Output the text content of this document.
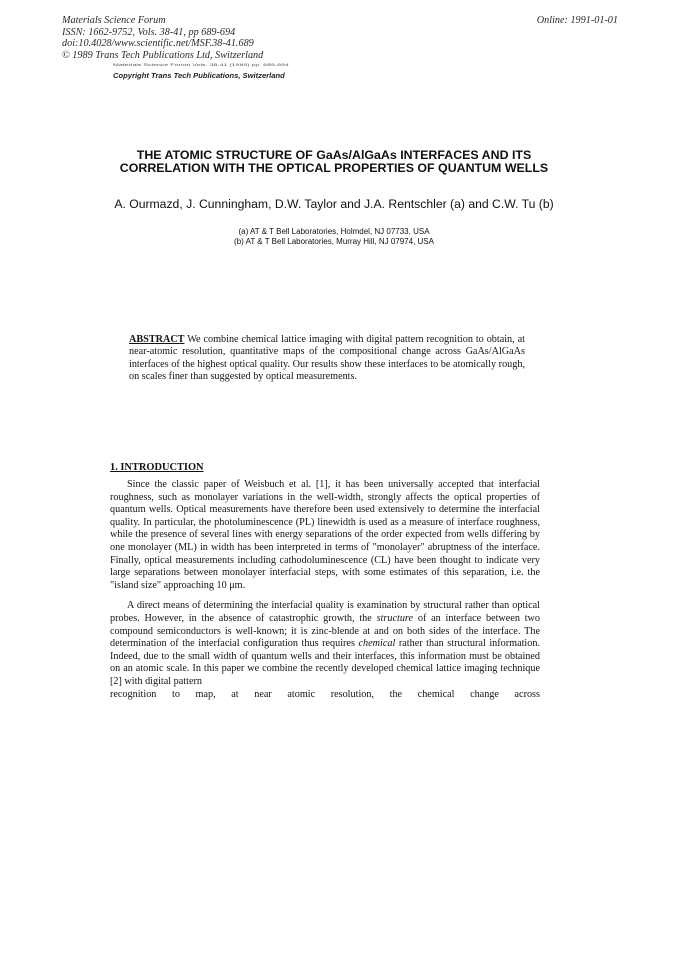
Materials Science Forum
ISSN: 1662-9752, Vols. 38-41, pp 689-694
doi:10.4028/www.scientific.net/MSF.38-41.689
© 1989 Trans Tech Publications Ltd, Switzerland
Online: 1991-01-01
Materials Science Forum Vols. 38-41 (1989) pp. 689-694
Copyright Trans Tech Publications, Switzerland
THE ATOMIC STRUCTURE OF GaAs/AlGaAs INTERFACES AND ITS CORRELATION WITH THE OPTICAL PROPERTIES OF QUANTUM WELLS
A. Ourmazd, J. Cunningham, D.W. Taylor and J.A. Rentschler (a) and C.W. Tu (b)
(a) AT & T Bell Laboratories, Holmdel, NJ 07733, USA
(b) AT & T Bell Laboratories, Murray Hill, NJ 07974, USA
ABSTRACT We combine chemical lattice imaging with digital pattern recognition to obtain, at near-atomic resolution, quantitative maps of the compositional change across GaAs/AlGaAs interfaces of the highest optical quality. Our results show these interfaces to be atomically rough, on scales finer than suggested by optical measurements.
1. INTRODUCTION

Since the classic paper of Weisbuch et al. [1], it has been universally accepted that interfacial roughness, such as monolayer variations in the well-width, strongly affects the optical properties of quantum wells. Optical measurements have therefore been used extensively to determine the interfacial quality. In particular, the photoluminescence (PL) linewidth is used as a measure of interface roughness, while the presence of several lines with energy separations of the order expected from wells differing by one monolayer (ML) in width has been interpreted in terms of "monolayer" abruptness of the interface. Finally, optical measurements including cathodoluminescence (CL) have been thought to indicate very large separations between monolayer interfacial steps, with some estimates of this separation, i.e. the "island size" approaching 10 μm.

A direct means of determining the interfacial quality is examination by structural rather than optical probes. However, in the absence of catastrophic growth, the structure of an interface between two compound semiconductors is well-known; it is zinc-blende at and on both sides of the interface. The determination of the interfacial configuration thus requires chemical rather than structural information. Indeed, due to the small width of quantum wells and their interfaces, this information must be obtained on an atomic scale. In this paper we combine the recently developed chemical lattice imaging technique [2] with digital pattern

recognition to map, at near atomic resolution, the chemical change across
